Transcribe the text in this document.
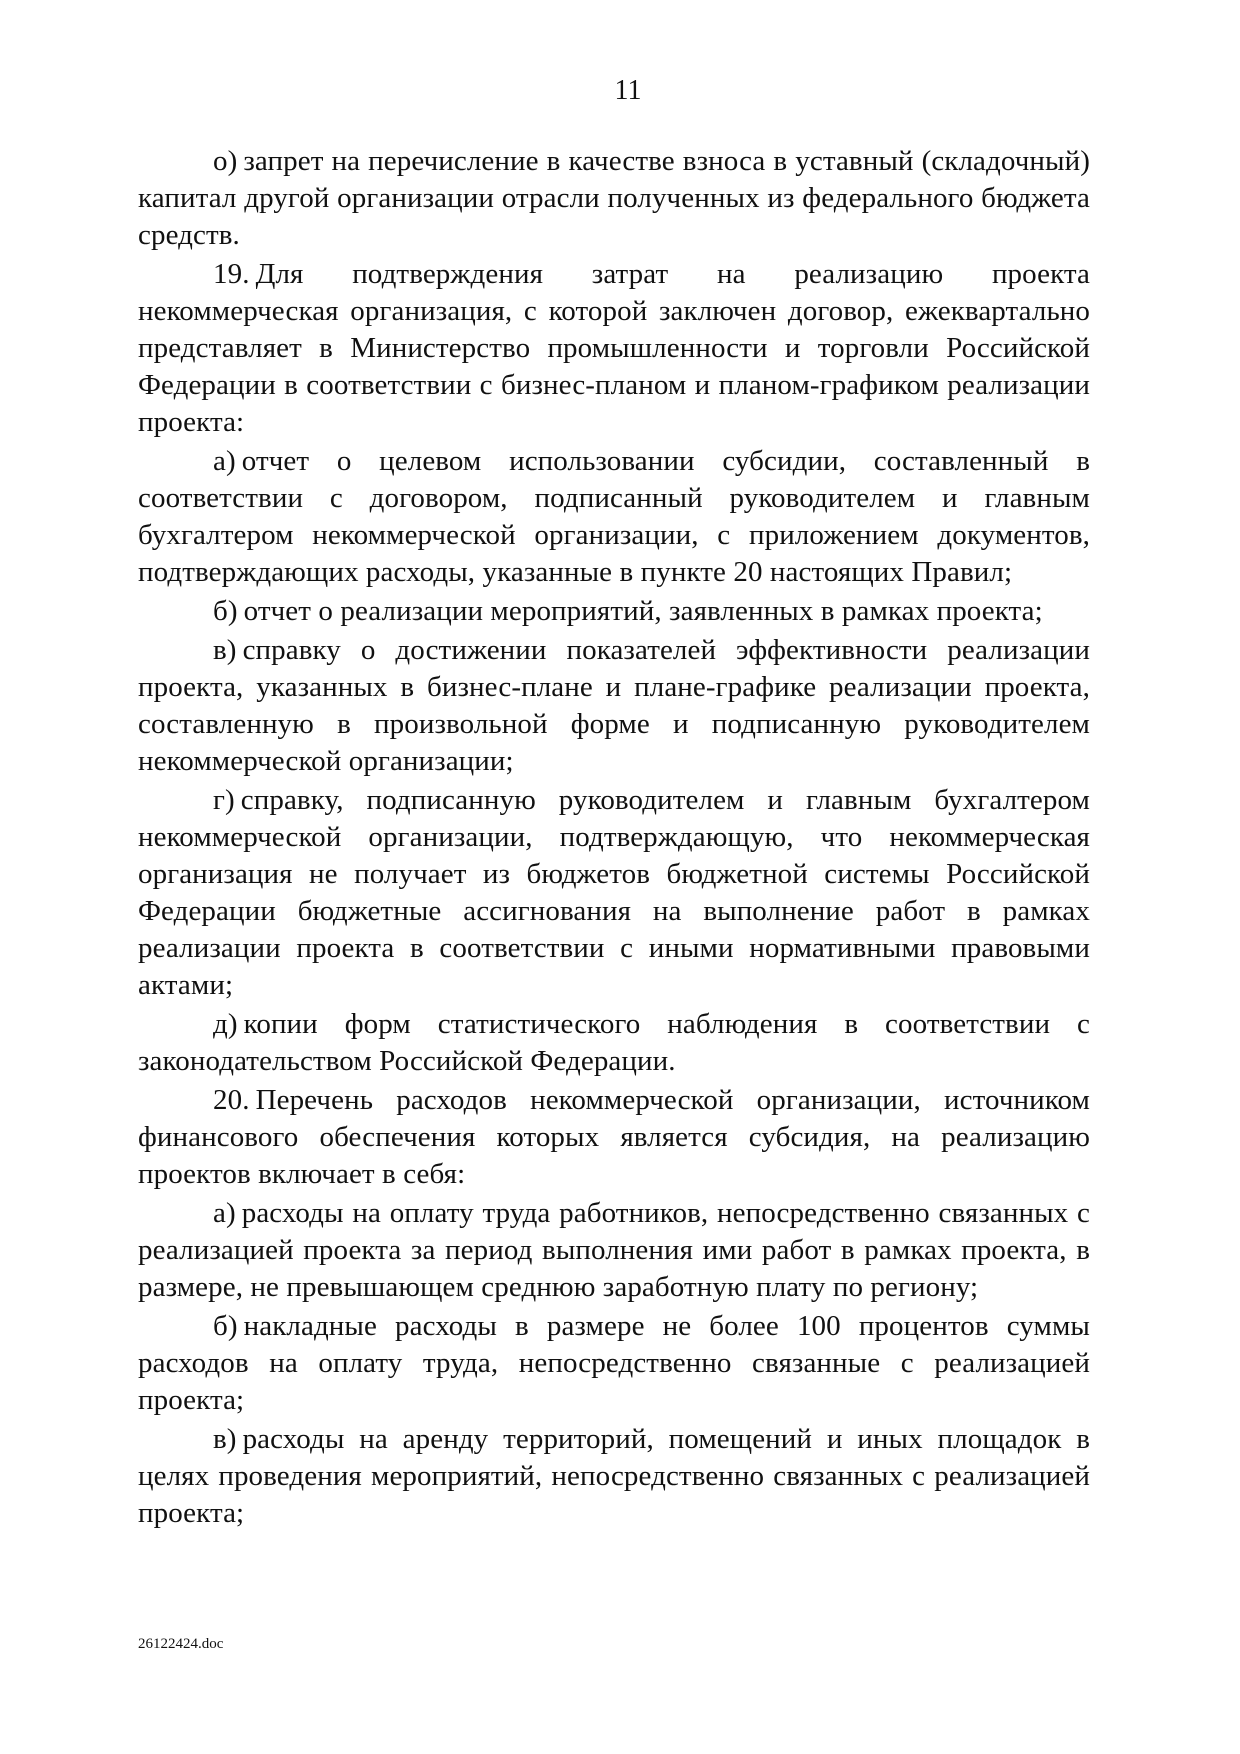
11

о) запрет на перечисление в качестве взноса в уставный (складочный) капитал другой организации отрасли полученных из федерального бюджета средств.

19. Для подтверждения затрат на реализацию проекта некоммерческая организация, с которой заключен договор, ежеквартально представляет в Министерство промышленности и торговли Российской Федерации в соответствии с бизнес-планом и планом-графиком реализации проекта:

а) отчет о целевом использовании субсидии, составленный в соответствии с договором, подписанный руководителем и главным бухгалтером некоммерческой организации, с приложением документов, подтверждающих расходы, указанные в пункте 20 настоящих Правил;

б) отчет о реализации мероприятий, заявленных в рамках проекта;

в) справку о достижении показателей эффективности реализации проекта, указанных в бизнес-плане и плане-графике реализации проекта, составленную в произвольной форме и подписанную руководителем некоммерческой организации;

г) справку, подписанную руководителем и главным бухгалтером некоммерческой организации, подтверждающую, что некоммерческая организация не получает из бюджетов бюджетной системы Российской Федерации бюджетные ассигнования на выполнение работ в рамках реализации проекта в соответствии с иными нормативными правовыми актами;

д) копии форм статистического наблюдения в соответствии с законодательством Российской Федерации.

20. Перечень расходов некоммерческой организации, источником финансового обеспечения которых является субсидия, на реализацию проектов включает в себя:

а) расходы на оплату труда работников, непосредственно связанных с реализацией проекта за период выполнения ими работ в рамках проекта, в размере, не превышающем среднюю заработную плату по региону;

б) накладные расходы в размере не более 100 процентов суммы расходов на оплату труда, непосредственно связанные с реализацией проекта;

в) расходы на аренду территорий, помещений и иных площадок в целях проведения мероприятий, непосредственно связанных с реализацией проекта;

26122424.doc
